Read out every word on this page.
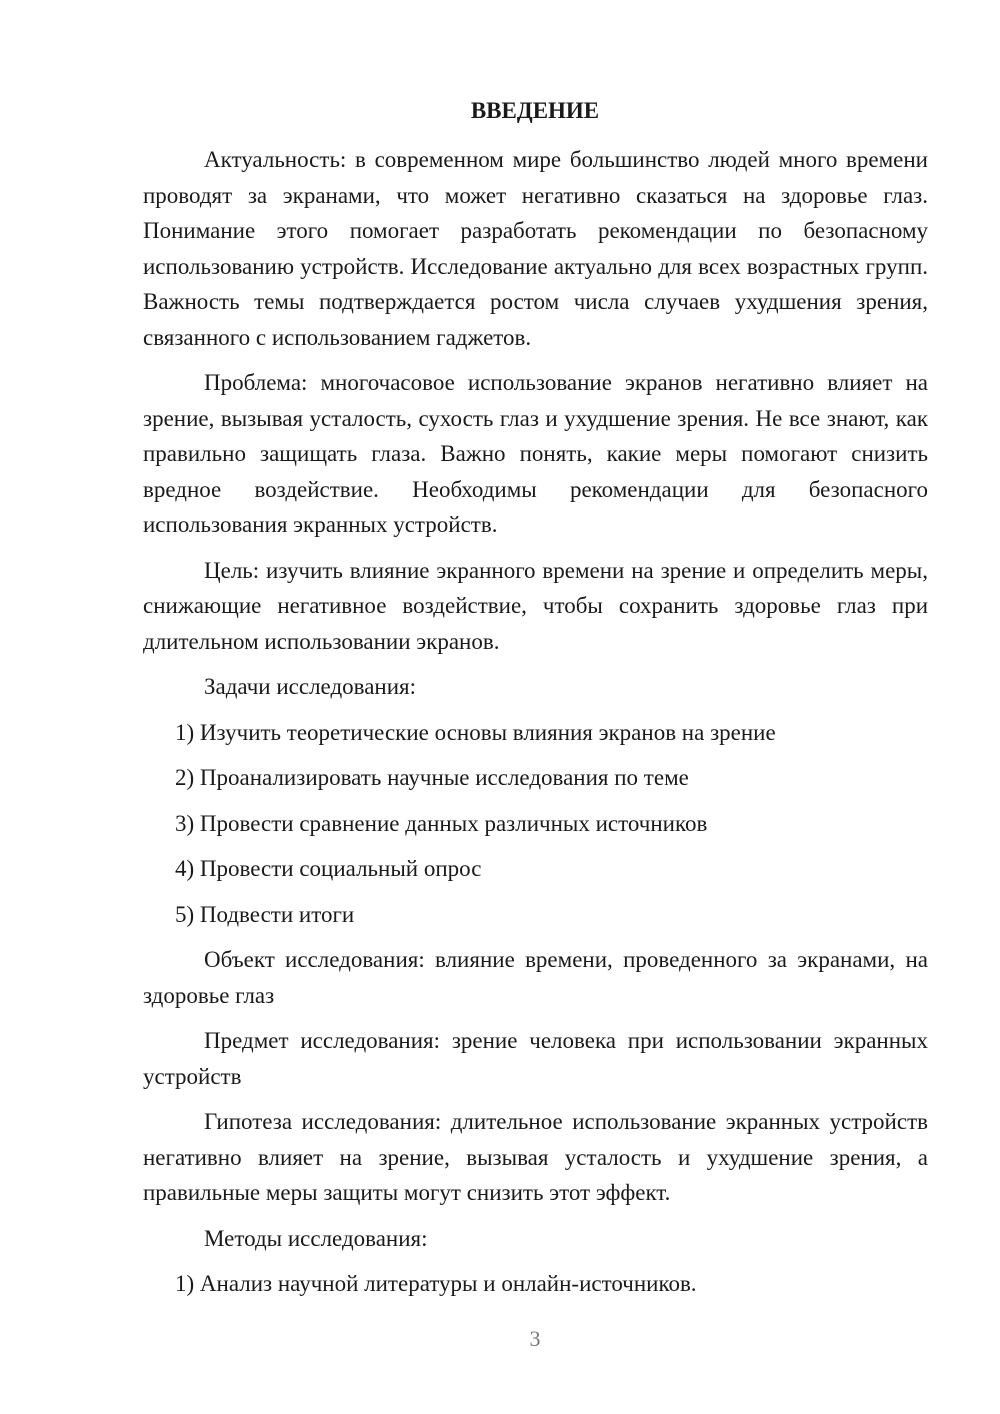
ВВЕДЕНИЕ

Актуальность: в современном мире большинство людей много времени проводят за экранами, что может негативно сказаться на здоровье глаз. Понимание этого помогает разработать рекомендации по безопасному использованию устройств. Исследование актуально для всех возрастных групп. Важность темы подтверждается ростом числа случаев ухудшения зрения, связанного с использованием гаджетов.

Проблема: многочасовое использование экранов негативно влияет на зрение, вызывая усталость, сухость глаз и ухудшение зрения. Не все знают, как правильно защищать глаза. Важно понять, какие меры помогают снизить вредное воздействие. Необходимы рекомендации для безопасного использования экранных устройств.

Цель: изучить влияние экранного времени на зрение и определить меры, снижающие негативное воздействие, чтобы сохранить здоровье глаз при длительном использовании экранов.

Задачи исследования:

1) Изучить теоретические основы влияния экранов на зрение

2) Проанализировать научные исследования по теме

3) Провести сравнение данных различных источников

4) Провести социальный опрос

5) Подвести итоги

Объект исследования: влияние времени, проведенного за экранами, на здоровье глаз

Предмет исследования: зрение человека при использовании экранных устройств

Гипотеза исследования: длительное использование экранных устройств негативно влияет на зрение, вызывая усталость и ухудшение зрения, а правильные меры защиты могут снизить этот эффект.

Методы исследования:

1) Анализ научной литературы и онлайн-источников.

3
